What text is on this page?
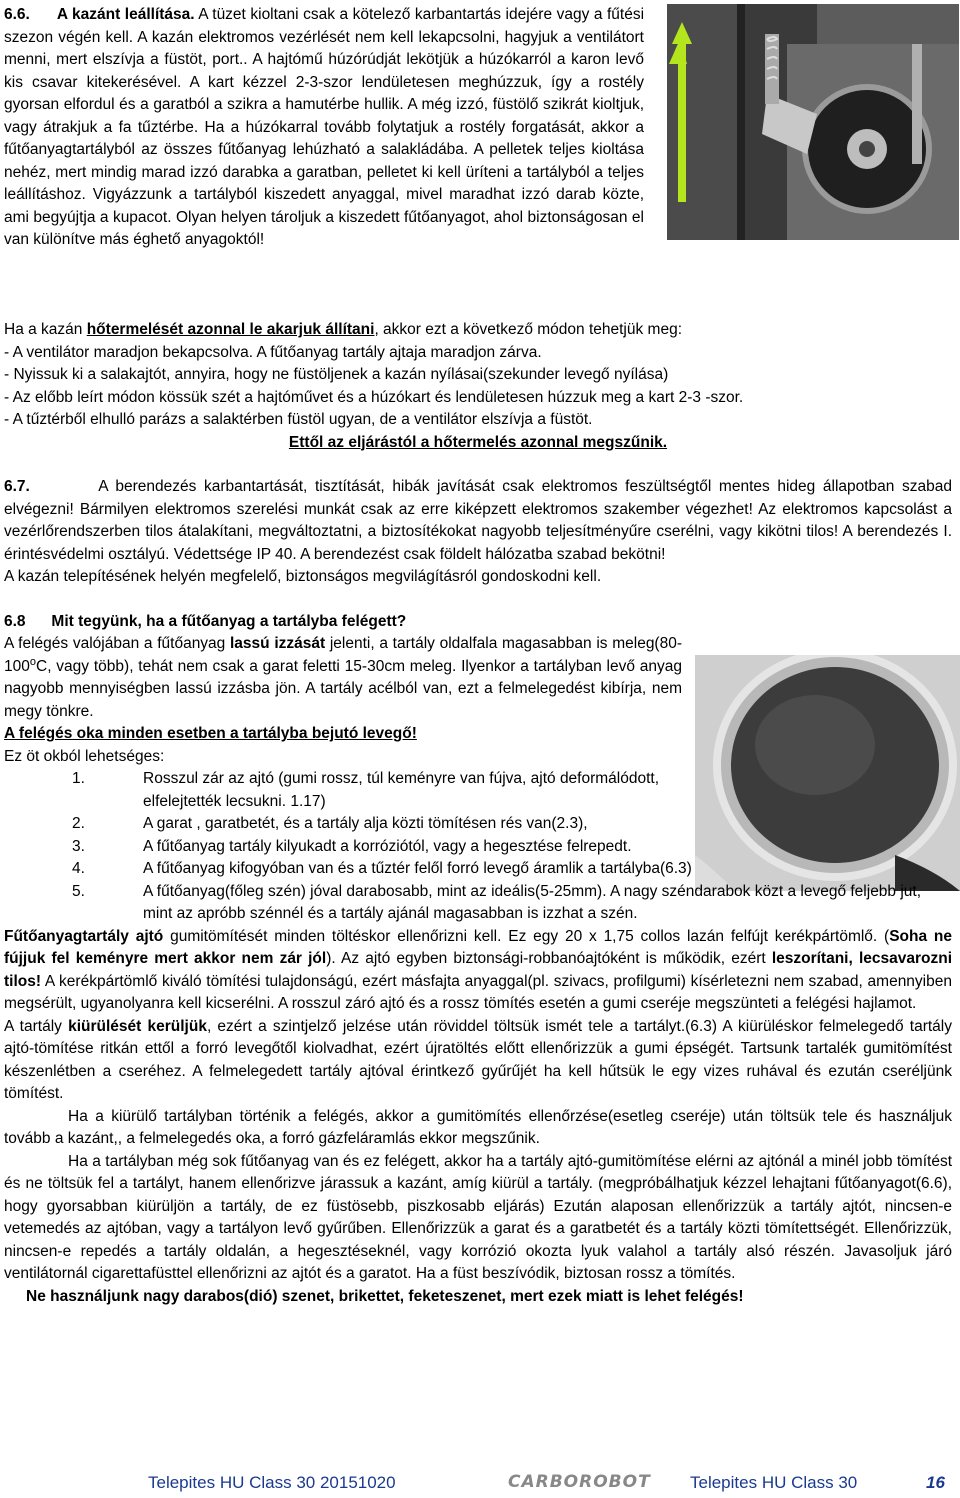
6.6. A kazánt leállítása. A tüzet kioltani csak a kötelező karbantartás idejére vagy a fűtési szezon végén kell. A kazán elektromos vezérlését nem kell lekapcsolni, hagyjuk a ventilátort menni, mert elszívja a füstöt, port.. A hajtómű húzórúdját lekötjük a húzókarról a karon levő kis csavar kitekerésével. A kart kézzel 2-3-szor lendületesen meghúzzuk, így a rostély gyorsan elfordul és a garatból a szikra a hamutérbe hullik. A még izzó, füstölő szikrát kioltjuk, vagy átrakjuk a fa tűztérbe. Ha a húzókarral tovább folytatjuk a rostély forgatását, akkor a fűtőanyagtartályból az összes fűtőanyag lehúzható a salakládába. A pelletek teljes kioltása nehéz, mert mindig marad izzó darabka a garatban, pelletet ki kell üríteni a tartályból a teljes leállításhoz. Vigyázzunk a tartályból kiszedett anyaggal, mivel maradhat izzó darab közte, ami begyújtja a kupacot. Olyan helyen tároljuk a kiszedett fűtőanyagot, ahol biztonságosan el van különítve más éghető anyagoktól!
Ha a kazán hőtermelését azonnal le akarjuk állítani, akkor ezt a következő módon tehetjük meg:
- A ventilátor maradjon bekapcsolva. A fűtőanyag tartály ajtaja maradjon zárva.
- Nyissuk ki a salakajtót, annyira, hogy ne füstöljenek a kazán nyílásai(szekunder levegő nyílása)
- Az előbb leírt módon kössük szét a hajtóművet és a húzókart és lendületesen húzzuk meg a kart 2-3 -szor.
- A tűztérből elhulló parázs a salaktérben füstöl ugyan, de a ventilátor elszívja a füstöt.
Ettől az eljárástól a hőtermelés azonnal megszűnik.
6.7.	A berendezés karbantartását, tisztítását, hibák javítását csak elektromos feszültségtől mentes hideg állapotban szabad elvégezni! Bármilyen elektromos szerelési munkát csak az erre kiképzett elektromos szakember végezhet! Az elektromos kapcsolást a vezérlőrendszerben tilos átalakítani, megváltoztatni, a biztosítékokat nagyobb teljesítményűre cserélni, vagy kikötni tilos! A berendezés I. érintésvédelmi osztályú. Védettsége IP 40. A berendezést csak földelt hálózatba szabad bekötni!
A kazán telepítésének helyén megfelelő, biztonságos megvilágításról gondoskodni kell.
6.8 Mit tegyünk, ha a fűtőanyag a tartályba felégett?
A felégés valójában a fűtőanyag lassú izzását jelenti, a tartály oldalfala magasabban is meleg(80-100$^o$C, vagy több), tehát nem csak a garat feletti 15-30cm meleg. Ilyenkor a tartályban levő anyag nagyobb mennyiségben lassú izzásba jön. A tartály acélból van, ezt a felmelegedést kibírja, nem megy tönkre.
A felégés oka minden esetben a tartályba bejutó levegő!
Ez öt okból lehetséges:
1.	Rosszul zár az ajtó (gumi rossz, túl keményre van fújva, ajtó deformálódott, elfelejtették lecsukni. 1.17)
2.	A garat , garatbetét, és a tartály alja közti tömítésen rés van(2.3),
3.	A fűtőanyag tartály kilyukadt a korróziótól, vagy a hegesztése felrepedt.
4.	A fűtőanyag kifogyóban van és a tűztér felől forró levegő áramlik a tartályba(6.3)
5.	A fűtőanyag(főleg szén) jóval darabosabb, mint az ideális(5-25mm). A nagy széndarabok közt a levegő feljebb jut, mint az apróbb szénnél és a tartály ajánál magasabban is izzhat a szén.
Fűtőanyagtartály ajtó gumitömítését minden töltéskor ellenőrizni kell. Ez egy 20 x 1,75 collos lazán felfújt kerékpártömlő. (Soha ne fújjuk fel keményre mert akkor nem zár jól). Az ajtó egyben biztonsági-robbanóajtóként is működik, ezért leszorítani, lecsavarozni tilos! A kerékpártömlő kiváló tömítési tulajdonságú, ezért másfajta anyaggal(pl. szivacs, profilgumi) kísérletezni nem szabad, amennyiben megsérült, ugyanolyanra kell kicserélni. A rosszul záró ajtó és a rossz tömítés esetén a gumi cseréje megszünteti a felégési hajlamot.
A tartály kiürülését kerüljük, ezért a szintjelző jelzése után röviddel töltsük ismét tele a tartályt.(6.3) A kiürüléskor felmelegedő tartály ajtó-tömítése ritkán ettől a forró levegőtől kiolvadhat, ezért újratöltés előtt ellenőrizzük a gumi épségét. Tartsunk tartalék gumitömítést készenlétben a cseréhez. A felmelegedett tartály ajtóval érintkező gyűrűjét ha kell hűtsük le egy vizes ruhával és ezután cseréljünk tömítést.
Ha a kiürülő tartályban történik a felégés, akkor a gumitömítés ellenőrzése(esetleg cseréje) után töltsük tele és használjuk tovább a kazánt,, a felmelegedés oka, a forró gázfeláramlás ekkor megszűnik.
Ha a tartályban még sok fűtőanyag van és ez felégett, akkor ha a tartály ajtó-gumitömítése elérni az ajtónál a minél jobb tömítést és ne töltsük fel a tartályt, hanem ellenőrizve járassuk a kazánt, amíg kiürül a tartály. (megpróbálhatjuk kézzel lehajtani fűtőanyagot(6.6), hogy gyorsabban kiürüljön a tartály, de ez füstösebb, piszkosabb eljárás) Ezután alaposan ellenőrizzük a tartály ajtót, nincsen-e vetemedés az ajtóban, vagy a tartályon levő gyűrűben. Ellenőrizzük a garat és a garatbetét és a tartály közti tömítettségét. Ellenőrizzük, nincsen-e repedés a tartály oldalán, a hegesztéseknél, vagy korrózió okozta lyuk valahol a tartály alsó részén. Javasoljuk járó ventilátornál cigarettafüsttel ellenőrizni az ajtót és a garatot. Ha a füst beszívódik, biztosan rossz a tömítés.
Ne használjunk nagy darabos(dió) szenet, brikettet, feketeszenet, mert ezek miatt is lehet felégés!
Telepites HU Class 30 20151020	CARBOROBOT Telepites HU Class 30	16
